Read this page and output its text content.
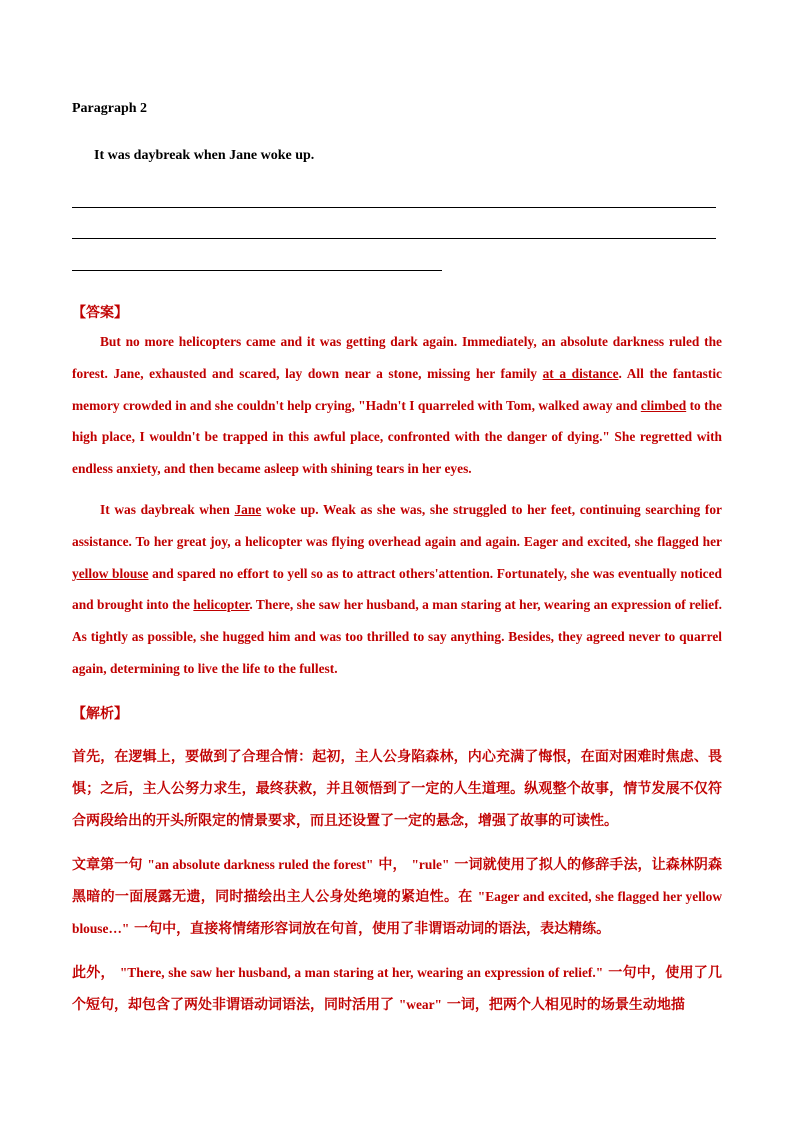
Paragraph 2
It was daybreak when Jane woke up.
【答案】
But no more helicopters came and it was getting dark again. Immediately, an absolute darkness ruled the forest. Jane, exhausted and scared, lay down near a stone, missing her family at a distance. All the fantastic memory crowded in and she couldn't help crying, "Hadn't I quarreled with Tom, walked away and climbed to the high place, I wouldn't be trapped in this awful place, confronted with the danger of dying." She regretted with endless anxiety, and then became asleep with shining tears in her eyes.
It was daybreak when Jane woke up. Weak as she was, she struggled to her feet, continuing searching for assistance. To her great joy, a helicopter was flying overhead again and again. Eager and excited, she flagged her yellow blouse and spared no effort to yell so as to attract others'attention. Fortunately, she was eventually noticed and brought into the helicopter. There, she saw her husband, a man staring at her, wearing an expression of relief. As tightly as possible, she hugged him and was too thrilled to say anything. Besides, they agreed never to quarrel again, determining to live the life to the fullest.
【解析】
首先，在逻辑上，要做到了合理合情：起初，主人公身陷森林，内心充满了悔恨，在面对困难时焦虑、畏惧；之后，主人公努力求生，最终获救，并且领悟到了一定的人生道理。纵观整个故事，情节发展不仅符合两段给出的开头所限定的情景要求，而且还设置了一定的悬念，增强了故事的可读性。
文章第一句 "an absolute darkness ruled the forest" 中， "rule" 一词就使用了拟人的修辞手法，让森林阴森黑暗的一面展露无遗，同时描绘出主人公身处绝境的紧迫性。在 "Eager and excited, she flagged her yellow blouse…" 一句中，直接将情绪形容词放在句首，使用了非谓语动词的语法，表达精练。
此外， "There, she saw her husband, a man staring at her, wearing an expression of relief." 一句中，使用了几个短句，却包含了两处非谓语动词语法，同时活用了 "wear" 一词，把两个人相见时的场景生动地描
